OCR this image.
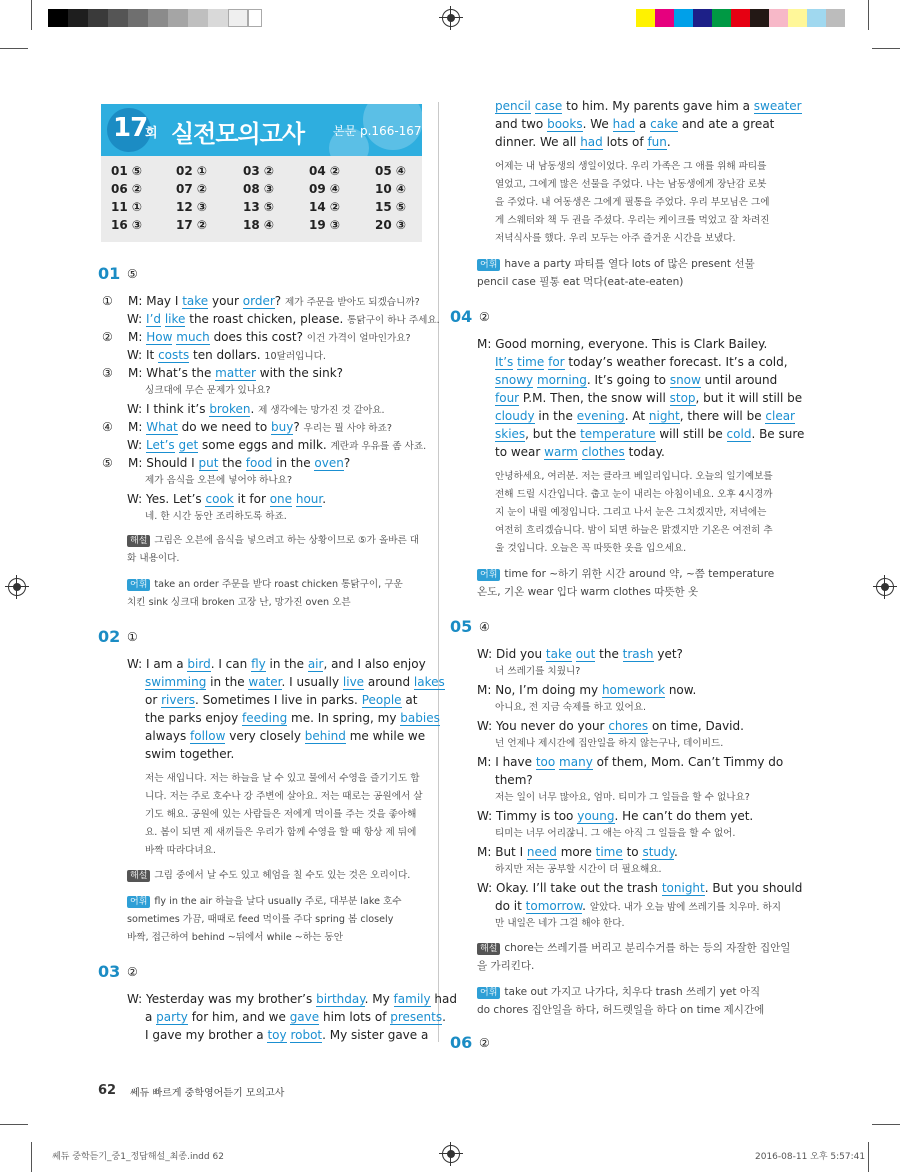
17
회 실전모의고사 본문 p.166-167
01 ⑤	02 ①	03 ②	04 ②	05 ④
06 ②	07 ②	08 ③	09 ④	10 ④
11 ①	12 ③	13 ⑤	14 ②	15 ⑤
16 ③	17 ②	18 ④	19 ③	20 ③
01 ⑤
①    M: May I take your order? 제가 주문을 받아도 되겠습니까?
W: I’d like the roast chicken, please. 통닭구이 하나 주세요.
②    M: How much does this cost? 이건 가격이 얼마인가요?
W: It costs ten dollars. 10달러입니다.
③    M: What’s the matter with the sink?
싱크대에 무슨 문제가 있나요?
W: I think it’s broken. 제 생각에는 망가진 것 같아요.
④    M: What do we need to buy? 우리는 뭘 사야 하죠?
W: Let’s get some eggs and milk. 계란과 우유를 좀 사죠.
⑤    M: Should I put the food in the oven?
제가 음식을 오븐에 넣어야 하나요?
W: Yes. Let’s cook it for one hour.
네. 한 시간 동안 조리하도록 하죠.
해설 그림은 오븐에 음식을 넣으려고 하는 상황이므로 ⑤가 올바른 대
화 내용이다.
어휘 take an order 주문을 받다 roast chicken 통닭구이, 구운
치킨 sink 싱크대 broken 고장 난, 망가진 oven 오븐
02 ①
W: I am a bird. I can fly in the air, and I also enjoy
swimming in the water. I usually live around lakes
or rivers. Sometimes I live in parks. People at
the parks enjoy feeding me. In spring, my babies
always follow very closely behind me while we
swim together.
저는 새입니다. 저는 하늘을 날 수 있고 물에서 수영을 즐기기도 합
니다. 저는 주로 호수나 강 주변에 살아요. 저는 때로는 공원에서 살
기도 해요. 공원에 있는 사람들은 저에게 먹이를 주는 것을 좋아해
요. 봄이 되면 제 새끼들은 우리가 함께 수영을 할 때 항상 제 뒤에
바짝 따라다녀요.
해설 그림 중에서 날 수도 있고 헤엄을 칠 수도 있는 것은 오리이다.
어휘 fly in the air 하늘을 날다 usually 주로, 대부분 lake 호수
sometimes 가끔, 때때로 feed 먹이를 주다 spring 봄 closely
바짝, 접근하여 behind ~뒤에서 while ~하는 동안
03 ②
W: Yesterday was my brother’s birthday. My family had
a party for him, and we gave him lots of presents.
I gave my brother a toy robot. My sister gave a
pencil case to him. My parents gave him a sweater
and two books. We had a cake and ate a great
dinner. We all had lots of fun.
어제는 내 남동생의 생일이었다. 우리 가족은 그 애를 위해 파티를
열었고, 그에게 많은 선물을 주었다. 나는 남동생에게 장난감 로봇
을 주었다. 내 여동생은 그에게 필통을 주었다. 우리 부모님은 그에
게 스웨터와 책 두 권을 주셨다. 우리는 케이크를 먹었고 잘 차려진
저녁식사를 했다. 우리 모두는 아주 즐거운 시간을 보냈다.
어휘 have a party 파티를 열다 lots of 많은 present 선물
pencil case 필통 eat 먹다(eat-ate-eaten)
04 ②
M: Good morning, everyone. This is Clark Bailey.
It’s time for today’s weather forecast. It’s a cold,
snowy morning. It’s going to snow until around
four P.M. Then, the snow will stop, but it will still be
cloudy in the evening. At night, there will be clear
skies, but the temperature will still be cold. Be sure
to wear warm clothes today.
안녕하세요, 여러분. 저는 클라크 베일리입니다. 오늘의 일기예보를
전해 드릴 시간입니다. 춥고 눈이 내리는 아침이네요. 오후 4시경까
지 눈이 내릴 예정입니다. 그리고 나서 눈은 그치겠지만, 저녁에는
여전히 흐리겠습니다. 밤이 되면 하늘은 맑겠지만 기온은 여전히 추
울 것입니다. 오늘은 꼭 따뜻한 옷을 입으세요.
어휘 time for ~하기 위한 시간 around 약, ~쯤 temperature
온도, 기온 wear 입다 warm clothes 따뜻한 옷
05 ④
W: Did you take out the trash yet?
너 쓰레기를 치웠니?
M: No, I’m doing my homework now.
아니요, 전 지금 숙제를 하고 있어요.
W: You never do your chores on time, David.
넌 언제나 제시간에 집안일을 하지 않는구나, 데이비드.
M: I have too many of them, Mom. Can’t Timmy do
them?
저는 일이 너무 많아요, 엄마. 티미가 그 일들을 할 수 없나요?
W: Timmy is too young. He can’t do them yet.
티미는 너무 어리잖니. 그 애는 아직 그 일들을 할 수 없어.
M: But I need more time to study.
하지만 저는 공부할 시간이 더 필요해요.
W: Okay. I’ll take out the trash tonight. But you should
do it tomorrow. 알았다. 내가 오늘 밤에 쓰레기를 치우마. 하지
만 내일은 네가 그걸 해야 한다.
해설 chore는 쓰레기를 버리고 분리수거를 하는 등의 자잘한 집안일
을 가리킨다.
어휘 take out 가지고 나가다, 치우다 trash 쓰레기 yet 아직
do chores 집안일을 하다, 허드렛일을 하다 on time 제시간에
06 ②
62 쎄듀 빠르게 중학영어듣기 모의고사
쎄듀 중학듣기_중1_정답해설_최종.indd 62	2016-08-11 오후 5:57:41
